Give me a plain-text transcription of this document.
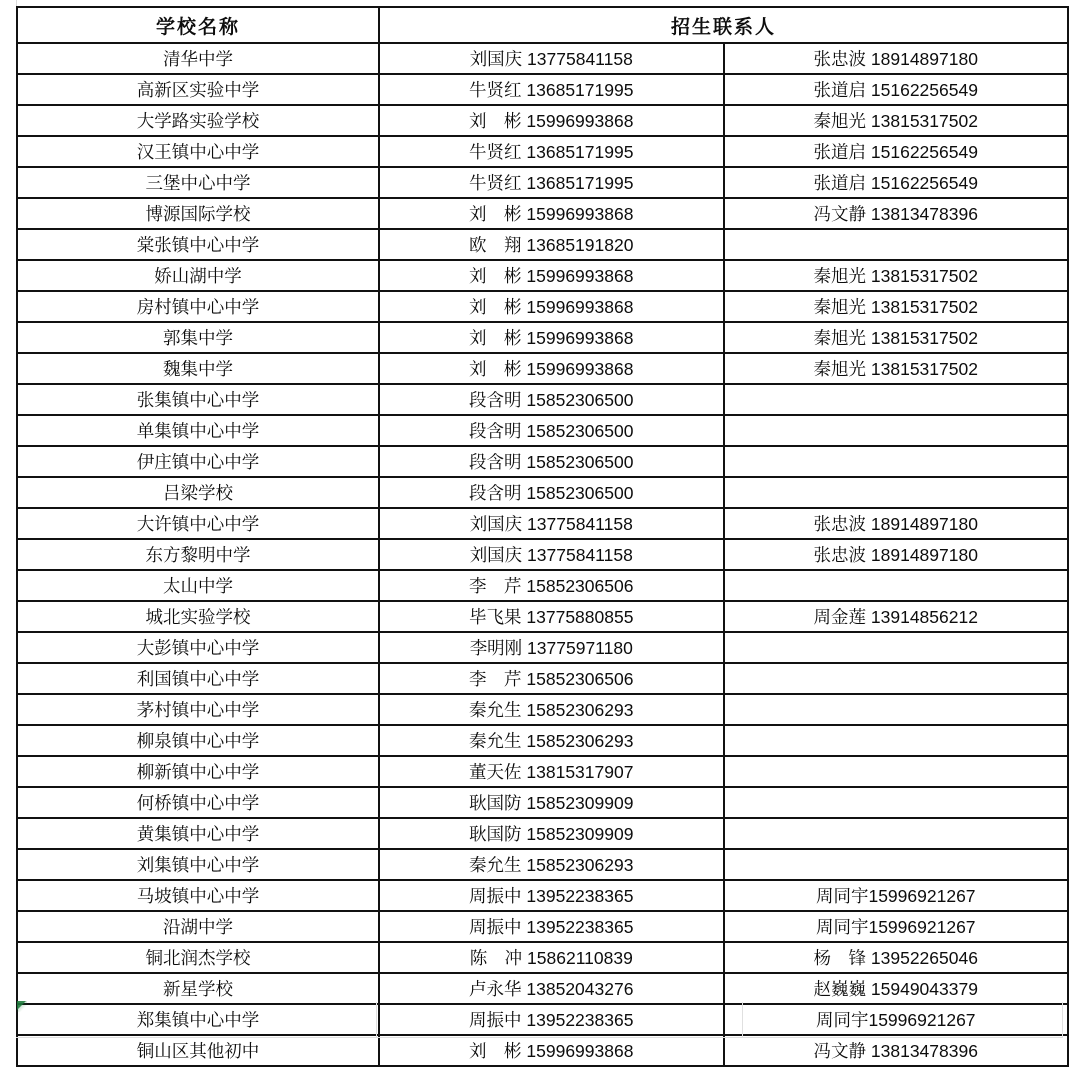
学校名称	招生联系人	
清华中学	刘国庆 13775841158	张忠波 18914897180
高新区实验中学	牛贤红 13685171995	张道启 15162256549
大学路实验学校	刘　彬 15996993868	秦旭光 13815317502
汉王镇中心中学	牛贤红 13685171995	张道启 15162256549
三堡中心中学	牛贤红 13685171995	张道启 15162256549
博源国际学校	刘　彬 15996993868	冯文静 13813478396
棠张镇中心中学	欧　翔 13685191820	
娇山湖中学	刘　彬 15996993868	秦旭光 13815317502
房村镇中心中学	刘　彬 15996993868	秦旭光 13815317502
郭集中学	刘　彬 15996993868	秦旭光 13815317502
魏集中学	刘　彬 15996993868	秦旭光 13815317502
张集镇中心中学	段含明 15852306500	
单集镇中心中学	段含明 15852306500	
伊庄镇中心中学	段含明 15852306500	
吕梁学校	段含明 15852306500	
大许镇中心中学	刘国庆 13775841158	张忠波 18914897180
东方黎明中学	刘国庆 13775841158	张忠波 18914897180
太山中学	李　芹 15852306506	
城北实验学校	毕飞果 13775880855	周金莲 13914856212
大彭镇中心中学	李明刚 13775971180	
利国镇中心中学	李　芹 15852306506	
茅村镇中心中学	秦允生 15852306293	
柳泉镇中心中学	秦允生 15852306293	
柳新镇中心中学	董天佐 13815317907	
何桥镇中心中学	耿国防 15852309909	
黄集镇中心中学	耿国防 15852309909	
刘集镇中心中学	秦允生 15852306293	
马坡镇中心中学	周振中 13952238365	周同宇15996921267
沿湖中学	周振中 13952238365	周同宇15996921267
铜北润杰学校	陈　冲 15862110839	杨　锋 13952265046
新星学校	卢永华 13852043276	赵巍巍 15949043379
郑集镇中心中学	周振中 13952238365	周同宇15996921267
铜山区其他初中	刘　彬 15996993868	冯文静 13813478396
